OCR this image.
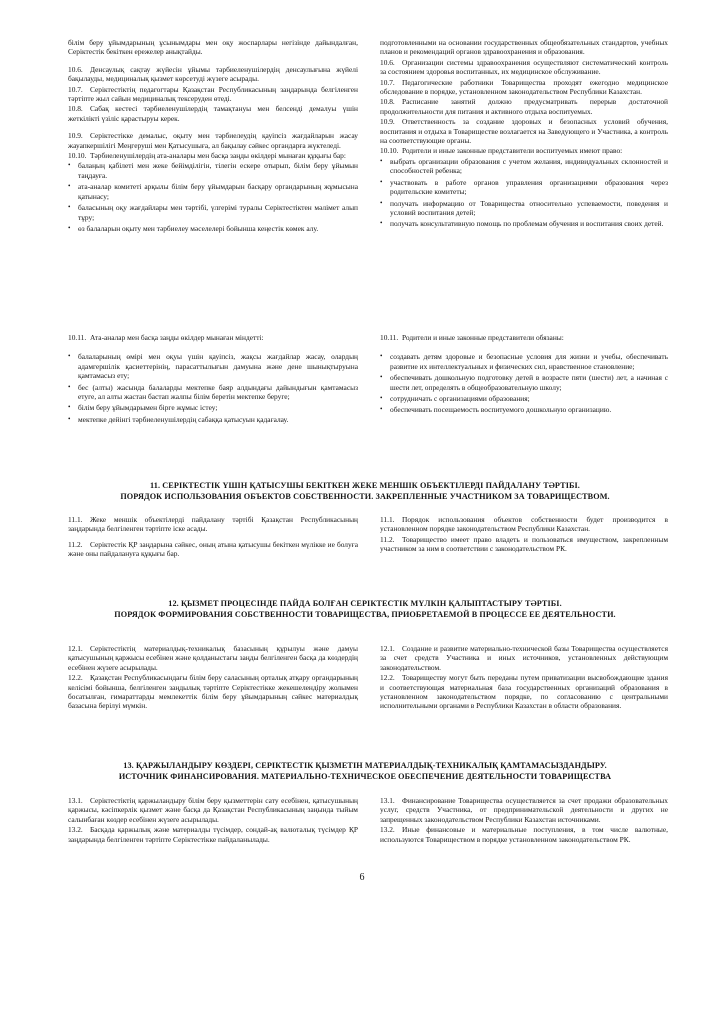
білім беру ұйымдарының ұсынымдары мен оқу жоспарлары негізінде дайындалған, Серіктестік бекіткен ережелер анықтайды.

10.6. Денсаулық сақтау жүйесін ұйымы тәрбиеленушілердің денсаулығына жүйелі бақылауды, медициналық қызмет көрсетуді жүзеге асырады.

10.7. Серіктестіктің педагогтары Қазақстан Республикасының заңдарында белгіленген тәртіпте жыл сайын медициналық тексеруден өтеді.

10.8. Сабақ кестесі тәрбиеленушілердің тамақтануы мен белсенді демалуы үшін жеткілікті үзіліс қарастыруы керек.

10.9. Серіктестікке демалыс, оқыту мен тәрбиелеудің қауіпсіз жағдайларын жасау жауапкершілігі Меңгерушi мен Қатысушыға, ал бақылау сәйкес органдарға жүктеледі.

10.10. Тәрбиеленушілердің ата-аналары мен басқа заңды өкілдері мынаған құқығы бар:

•	балаңың қабілеті мен жеке бейімділігін, тілегін ескере отырып, білім беру ұйымын таңдауға.
•	ата-аналар комитеті арқылы білім беру ұйымдарын басқару органдарының жұмысына қатынасу;
•	баласының оқу жағдайлары мен тәртібі, үлгерімі туралы Серіктестіктен мәлімет алып тұру;
•	өз балаларын оқыту мен тәрбиелеу мәселелері бойынша кеңестік көмек алу.

подготовленными на основании государственных общеобязательных стандартов, учебных планов и рекомендаций органов здравоохранения и образования.

10.6. Организации системы здравоохранения осуществляют систематический контроль за состоянием здоровья воспитанных, их медицинское обслуживание.

10.7. Педагогические работники Товарищества проходят ежегодно медицинское обследование в порядке, установленном законодательством Республики Казахстан.

10.8. Расписание занятий должно предусматривать перерыв достаточной продолжительности для питания и активного отдыха воспитуемых.

10.9. Ответственность за создание здоровых и безопасных условий обучения, воспитания и отдыха в Товариществе возлагается на Заведующего и Участника, а контроль на соответствующие органы.

10.10. Родители и иные законные представители воспитуемых имеют право:

•	выбрать организации образования с учетом желания, индивидуальных склонностей и способностей ребенка;
•	участвовать в работе органов управления организациями образования через родительские комитеты;
•	получать информацию от Товарищества относительно успеваемости, поведения и условий воспитания детей;
•	получать консультативную помощь по проблемам обучения и воспитания своих детей.

10.11. Ата-аналар мен басқа заңды өкілдер мынаған міндетті:

•	балаларының өмірі мен оқуы үшін қауіпсіз, жақсы жағдайлар жасау, олардың адамгершілік қасиеттерінің, парасаттылығын дамуына және дене шынықтыруына қамтамасыз ету;
•	бес (алты) жасында балаларды мектепке баяр алдындағы дайындығын қамтамасыз етуге, ал алты жастан бастап жалпы білім беретін мектепке беруге;
•	білім беру ұйымдарымен бірге жұмыс істеу;
•	мектепке дейінгі тәрбиеленушілердің сабаққа қатысуын қадағалау.

10.11. Родители и иные законные представители обязаны:

•	создавать детям здоровые и безопасные условия для жизни и учебы, обеспечивать развитие их интеллектуальных и физических сил, нравственное становление;
•	обеспечивать дошкольную подготовку детей в возрасте пяти (шести) лет, а начиная с шести лет, определять в общеобразовательную школу;
•	сотрудничать с организациями образования;
•	обеспечивать посещаемость воспитуемого дошкольную организацию.
11. СЕРІКТЕСТІК ҮШІН ҚАТЫСУШЫ БЕКІТКЕН ЖЕКЕ МЕНШІК ОБЪЕКТІЛЕРДІ ПАЙДАЛАНУ ТӘРТІБІ.
ПОРЯДОК ИСПОЛЬЗОВАНИЯ ОБЪЕКТОВ СОБСТВЕННОСТИ. ЗАКРЕПЛЕННЫЕ УЧАСТНИКОМ ЗА ТОВАРИЩЕСТВОМ.

11.1. Жеке меншік объектілерді пайдалану тәртібі Қазақстан Республикасының заңдарында белгіленген тәртіпте іске асады.

11.2. Серіктестік ҚР заңдарына сәйкес, оның атына қатысушы бекіткен мүлікке ие болуға және оны пайдалануға құқығы бар.

11.1. Порядок использования объектов собственности будет производится в установленном порядке законодательством Республики Казахстан.

11.2. Товарищество имеет право владеть и пользоваться имуществом, закрепленным участником за ним в соответствии с законодательством РК.

12. ҚЫЗМЕТ ПРОЦЕСІНДЕ ПАЙДА БОЛҒАН СЕРІКТЕСТІК МҮЛКІН ҚАЛЫПТАСТЫРУ ТӘРТІБІ.
ПОРЯДОК ФОРМИРОВАНИЯ СОБСТВЕННОСТИ ТОВАРИЩЕСТВА, ПРИОБРЕТАЕМОЙ В ПРОЦЕССЕ ЕЕ ДЕЯТЕЛЬНОСТИ.

12.1. Серіктестіктің материалдық-техникалық базасының құрылуы және дамуы қатысушының қаржысы есебінен және қолданыстағы заңды белгіленген басқа да көздердің есебінен жүзеге асырылады.

12.2. Қазақстан Республикасындағы білім беру саласының орталық атқару органдарының келісімі бойынша, белгіленген заңдылық тәртіпте Серіктестікке жекешелендіру жолымен босатылған, ғимараттарды мемлекеттік білім беру ұйымдарының сәйкес материалдық базасына берілуі мүмкін.

12.1. Создание и развитие материально-технической базы Товарищества осуществляется за счет средств Участника и иных источников, установленных действующим законодательством.

12.2. Товариществу могут быть переданы путем приватизации высвобождающие здания и соответствующая материальная база государственных организаций образования в установленном законодательством порядке, по согласованию с центральными исполнительными органами в Республики Казахстан в области образования.

13. ҚАРЖЫЛАНДЫРУ КӨЗДЕРІ, СЕРІКТЕСТІК ҚЫЗМЕТІН МАТЕРИАЛДЫҚ-ТЕХНИКАЛЫҚ ҚАМТАМАСЫЗДАНДЫРУ.
ИСТОЧНИК ФИНАНСИРОВАНИЯ. МАТЕРИАЛЬНО-ТЕХНИЧЕСКОЕ ОБЕСПЕЧЕНИЕ ДЕЯТЕЛЬНОСТИ ТОВАРИЩЕСТВА

13.1. Серіктестіктің қаржыландыру білім беру қызметтерін сату есебінен, қатысушының қаржысы, кәсіпкерлік қызмет және басқа да Қазақстан Республикасының заңында тыйым салынбаған көздер есебінен жүзеге асырылады.

13.2. Басқада қаржылық және материалды түсімдер, сондай-ақ валюталық түсімдер ҚР заңдарында белгіленген тәртіпте Серіктестікке пайдаланылады.

13.1. Финансирование Товарищества осуществляется за счет продажи образовательных услуг, средств Участника, от предпринимательской деятельности и других не запрещенных законодательством Республики Казахстан источниками.

13.2. Иные финансовые и материальные поступления, в том числе валютные, используются Товариществом в порядке установленном законодательством РК.

6
